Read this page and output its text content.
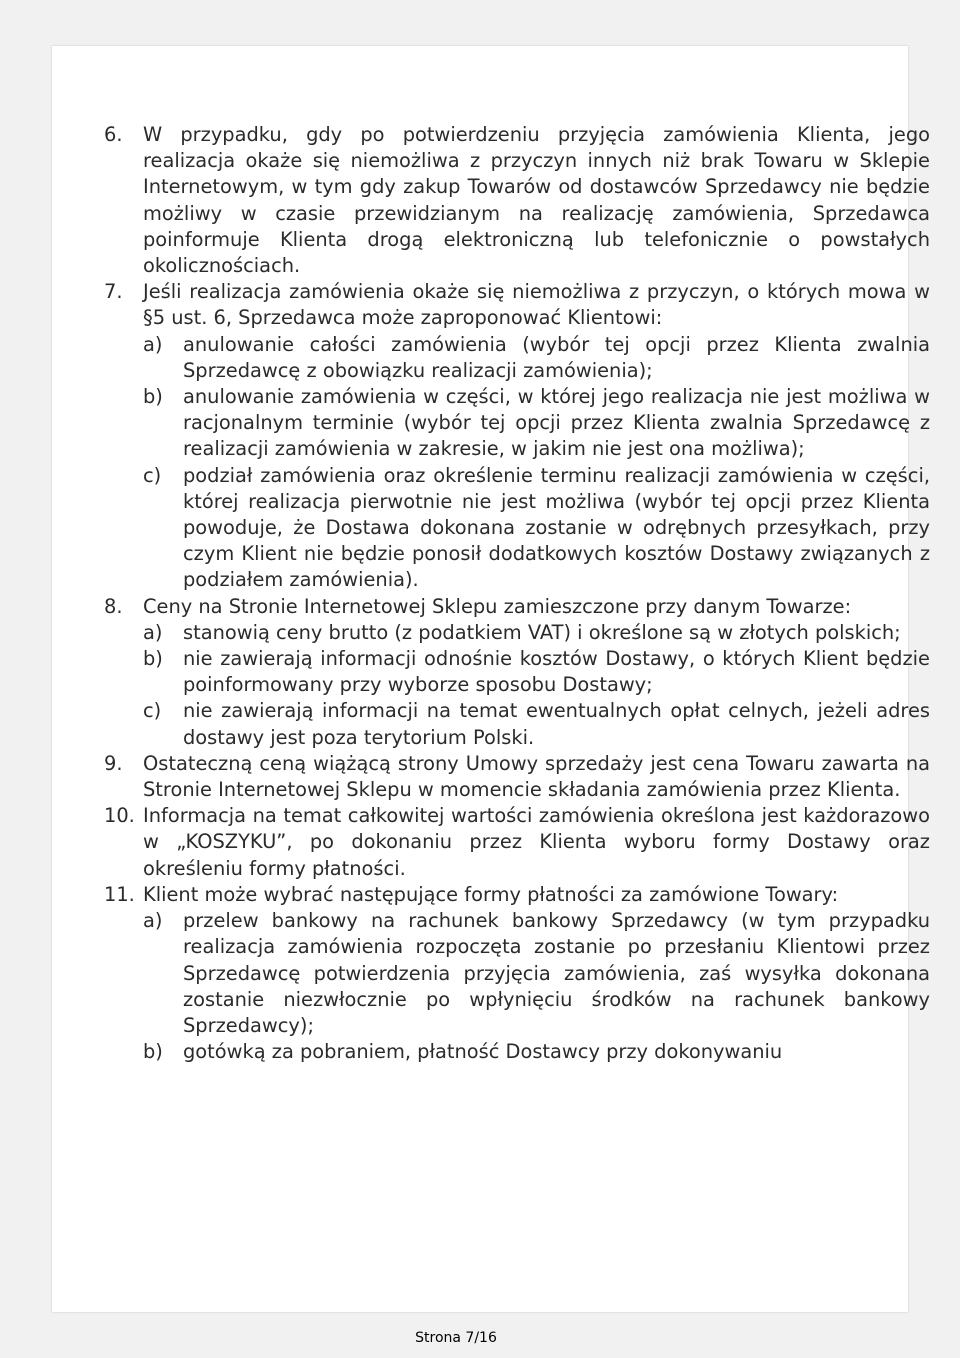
6.	W przypadku, gdy po potwierdzeniu przyjęcia zamówienia Klienta, jego realizacja okaże się niemożliwa z przyczyn innych niż brak Towaru w Sklepie Internetowym, w tym gdy zakup Towarów od dostawców Sprzedawcy nie będzie możliwy w czasie przewidzianym na realizację zamówienia, Sprzedawca poinformuje Klienta drogą elektroniczną lub telefonicznie o powstałych okolicznościach.
7.	Jeśli realizacja zamówienia okaże się niemożliwa z przyczyn, o których mowa w §5 ust. 6, Sprzedawca może zaproponować Klientowi:
a) anulowanie całości zamówienia (wybór tej opcji przez Klienta zwalnia Sprzedawcę z obowiązku realizacji zamówienia);
b) anulowanie zamówienia w części, w której jego realizacja nie jest możliwa w racjonalnym terminie (wybór tej opcji przez Klienta zwalnia Sprzedawcę z realizacji zamówienia w zakresie, w jakim nie jest ona możliwa);
c) podział zamówienia oraz określenie terminu realizacji zamówienia w części, której realizacja pierwotnie nie jest możliwa (wybór tej opcji przez Klienta powoduje, że Dostawa dokonana zostanie w odrębnych przesyłkach, przy czym Klient nie będzie ponosił dodatkowych kosztów Dostawy związanych z podziałem zamówienia).
8.	Ceny na Stronie Internetowej Sklepu zamieszczone przy danym Towarze:
a) stanowią ceny brutto (z podatkiem VAT) i określone są w złotych polskich;
b) nie zawierają informacji odnośnie kosztów Dostawy, o których Klient będzie poinformowany przy wyborze sposobu Dostawy;
c) nie zawierają informacji na temat ewentualnych opłat celnych, jeżeli adres dostawy jest poza terytorium Polski.
9.	Ostateczną ceną wiążącą strony Umowy sprzedaży jest cena Towaru zawarta na Stronie Internetowej Sklepu w momencie składania zamówienia przez Klienta.
10. Informacja na temat całkowitej wartości zamówienia określona jest każdorazowo w „KOSZYKU”, po dokonaniu przez Klienta wyboru formy Dostawy oraz określeniu formy płatności.
11. Klient może wybrać następujące formy płatności za zamówione Towary:
a) przelew bankowy na rachunek bankowy Sprzedawcy (w tym przypadku realizacja zamówienia rozpoczęta zostanie po przesłaniu Klientowi przez Sprzedawcę potwierdzenia przyjęcia zamówienia, zaś wysyłka dokonana zostanie niezwłocznie po wpłynięciu środków na rachunek bankowy Sprzedawcy);
b) gotówką za pobraniem, płatność Dostawcy przy dokonywaniu
Strona 7/16
